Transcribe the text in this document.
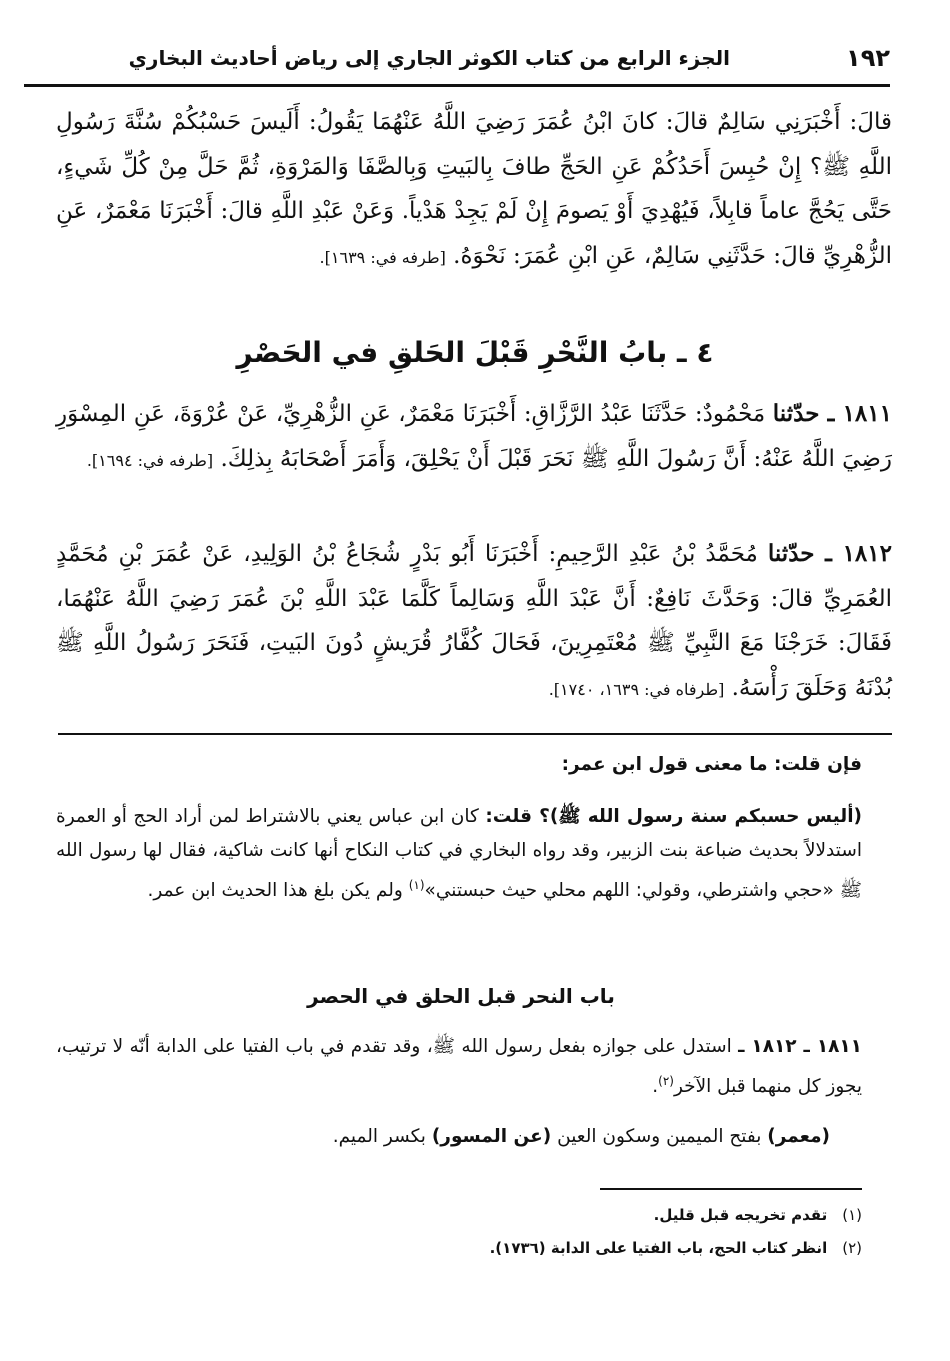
١٩٢
الجزء الرابع من كتاب الكوثر الجاري إلى رياض أحاديث البخاري
قالَ: أَخْبَرَنِي سَالِمٌ قالَ: كانَ ابْنُ عُمَرَ رَضِيَ اللَّهُ عَنْهُمَا يَقُولُ: أَلَيسَ حَسْبُكُمْ سُنَّةَ رَسُولِ اللَّهِ ﷺ؟ إِنْ حُبِسَ أَحَدُكُمْ عَنِ الحَجِّ طافَ بِالبَيتِ وَبِالصَّفَا وَالمَرْوَةِ، ثُمَّ حَلَّ مِنْ كُلِّ شَيءٍ، حَتَّى يَحُجَّ عاماً قابِلاً، فَيُهْدِيَ أَوْ يَصومَ إِنْ لَمْ يَجِدْ هَدْياً. وَعَنْ عَبْدِ اللَّهِ قالَ: أَخْبَرَنَا مَعْمَرٌ، عَنِ الزُّهْرِيِّ قالَ: حَدَّثَنِي سَالِمٌ، عَنِ ابْنِ عُمَرَ: نَحْوَهُ. [طرفه في: ١٦٣٩].
٤ ـ بابُ النَّحْرِ قَبْلَ الحَلقِ في الحَصْرِ
١٨١١ ـ حدّثنا مَحْمُودٌ: حَدَّثَنَا عَبْدُ الرَّزَّاقِ: أَخْبَرَنَا مَعْمَرٌ، عَنِ الزُّهْرِيِّ، عَنْ عُرْوَةَ، عَنِ المِسْوَرِ رَضِيَ اللَّهُ عَنْهُ: أَنَّ رَسُولَ اللَّهِ ﷺ نَحَرَ قَبْلَ أَنْ يَحْلِقَ، وَأَمَرَ أَصْحَابَهُ بِذلِكَ. [طرفه في: ١٦٩٤].
١٨١٢ ـ حدّثنا مُحَمَّدُ بْنُ عَبْدِ الرَّحِيمِ: أَخْبَرَنَا أَبُو بَدْرٍ شُجَاعُ بْنُ الوَلِيدِ، عَنْ عُمَرَ بْنِ مُحَمَّدٍ العُمَرِيِّ قالَ: وَحَدَّثَ نَافِعٌ: أَنَّ عَبْدَ اللَّهِ وَسَالِماً كَلَّمَا عَبْدَ اللَّهِ بْنَ عُمَرَ رَضِيَ اللَّهُ عَنْهُمَا، فَقَالَ: خَرَجْنَا مَعَ النَّبِيِّ ﷺ مُعْتَمِرِينَ، فَحَالَ كُفَّارُ قُرَيشٍ دُونَ البَيتِ، فَنَحَرَ رَسُولُ اللَّهِ ﷺ بُدْنَهُ وَحَلَقَ رَأْسَهُ. [طرفاه في: ١٦٣٩، ١٧٤٠].
فإن قلت: ما معنى قول ابن عمر:
(أليس حسبكم سنة رسول الله ﷺ)؟ قلت: كان ابن عباس يعني بالاشتراط لمن أراد الحج أو العمرة استدلالاً بحديث ضباعة بنت الزبير، وقد رواه البخاري في كتاب النكاح أنها كانت شاكية، فقال لها رسول الله ﷺ «حجي واشترطي، وقولي: اللهم محلي حيث حبستني»$^{(١)}$ ولم يكن بلغ هذا الحديث ابن عمر.
باب النحر قبل الحلق في الحصر
١٨١١ ـ ١٨١٢ ـ استدل على جوازه بفعل رسول الله ﷺ، وقد تقدم في باب الفتيا على الدابة أنّه لا ترتيب، يجوز كل منهما قبل الآخر$^{(٢)}$.
(معمر) بفتح الميمين وسكون العين (عن المسور) بكسر الميم.
(١) تقدم تخريجه قبل قليل.
(٢) انظر كتاب الحج، باب الفتيا على الدابة (١٧٣٦).
